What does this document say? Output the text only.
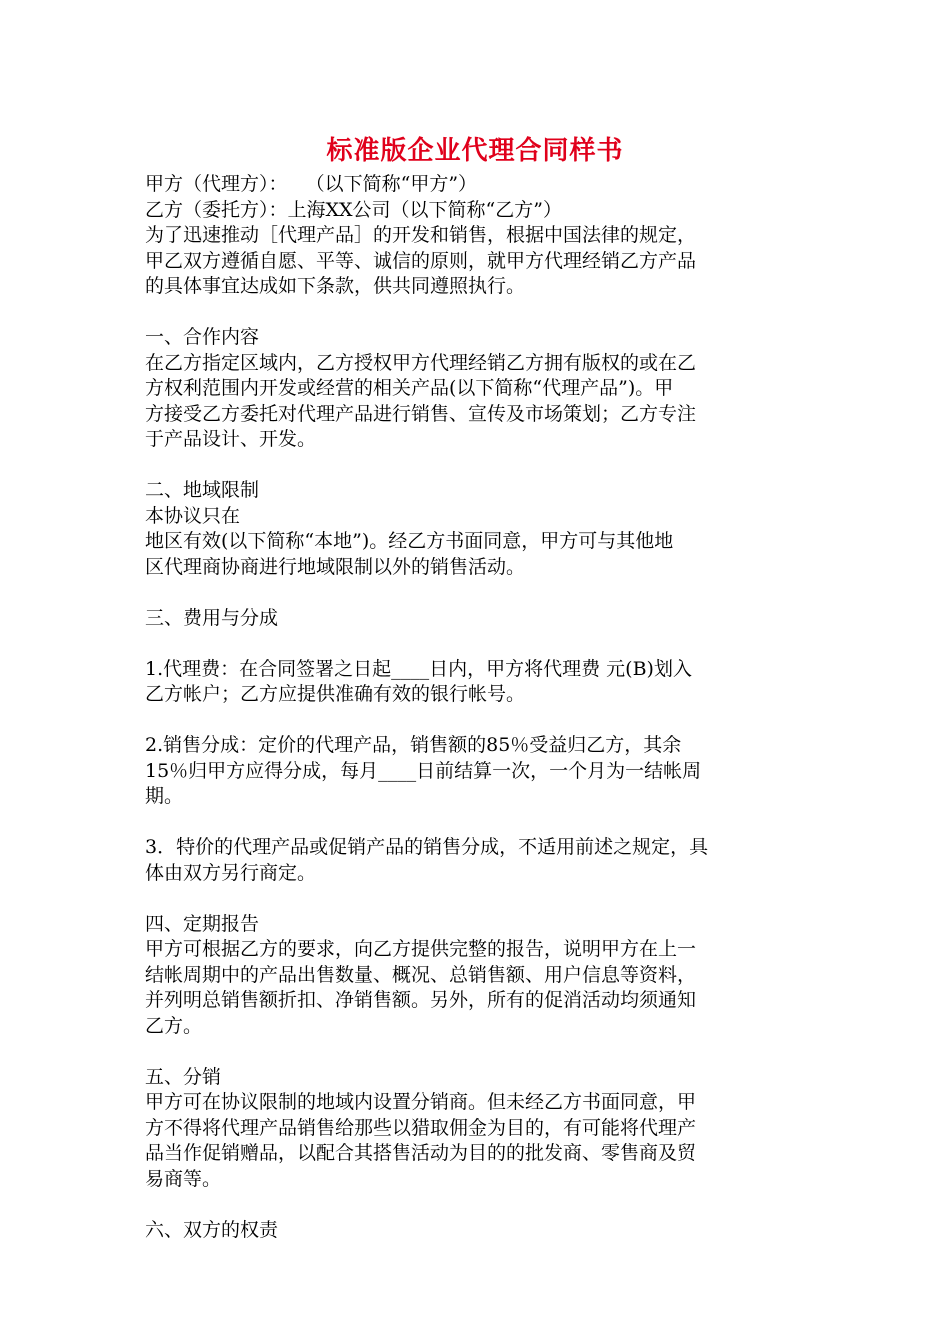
标准版企业代理合同样书
甲方（代理方）：   （以下简称“甲方”）
乙方（委托方）：上海XX公司（以下简称“乙方”）
为了迅速推动［代理产品］的开发和销售，根据中国法律的规定，
甲乙双方遵循自愿、平等、诚信的原则，就甲方代理经销乙方产品
的具体事宜达成如下条款，供共同遵照执行。
一、合作内容
在乙方指定区域内，乙方授权甲方代理经销乙方拥有版权的或在乙
方权利范围内开发或经营的相关产品(以下简称“代理产品”)。甲
方接受乙方委托对代理产品进行销售、宣传及市场策划；乙方专注
于产品设计、开发。
二、地域限制
本协议只在
地区有效(以下简称“本地”)。经乙方书面同意，甲方可与其他地
区代理商协商进行地域限制以外的销售活动。
三、费用与分成
1.代理费：在合同签署之日起____日内，甲方将代理费 元(B)划入
乙方帐户；乙方应提供准确有效的银行帐号。
2.销售分成：定价的代理产品，销售额的85％受益归乙方，其余
15％归甲方应得分成，每月____日前结算一次，一个月为一结帐周
期。
3．特价的代理产品或促销产品的销售分成，不适用前述之规定，具
体由双方另行商定。
四、定期报告
甲方可根据乙方的要求，向乙方提供完整的报告，说明甲方在上一
结帐周期中的产品出售数量、概况、总销售额、用户信息等资料，
并列明总销售额折扣、净销售额。另外，所有的促消活动均须通知
乙方。
五、分销
甲方可在协议限制的地域内设置分销商。但未经乙方书面同意，甲
方不得将代理产品销售给那些以猎取佣金为目的，有可能将代理产
品当作促销赠品，以配合其搭售活动为目的的批发商、零售商及贸
易商等。
六、双方的权责
